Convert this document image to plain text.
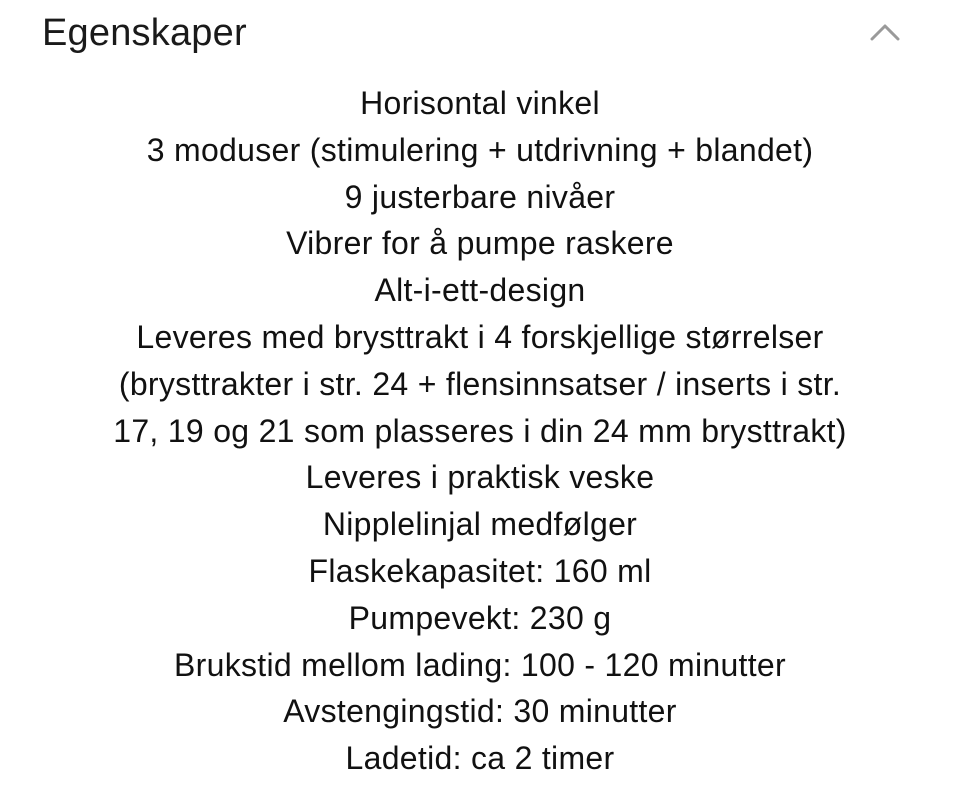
Egenskaper
Horisontal vinkel
3 moduser (stimulering + utdrivning + blandet)
9 justerbare nivåer
Vibrer for å pumpe raskere
Alt-i-ett-design
Leveres med brysttrakt i 4 forskjellige størrelser
(brysttrakter i str. 24 + flensinnsatser / inserts i str.
17, 19 og 21 som plasseres i din 24 mm brysttrakt)
Leveres i praktisk veske
Nipplelinjal medfølger
Flaskekapasitet: 160 ml
Pumpevekt: 230 g
Brukstid mellom lading: 100 - 120 minutter
Avstengingstid: 30 minutter
Ladetid: ca 2 timer
